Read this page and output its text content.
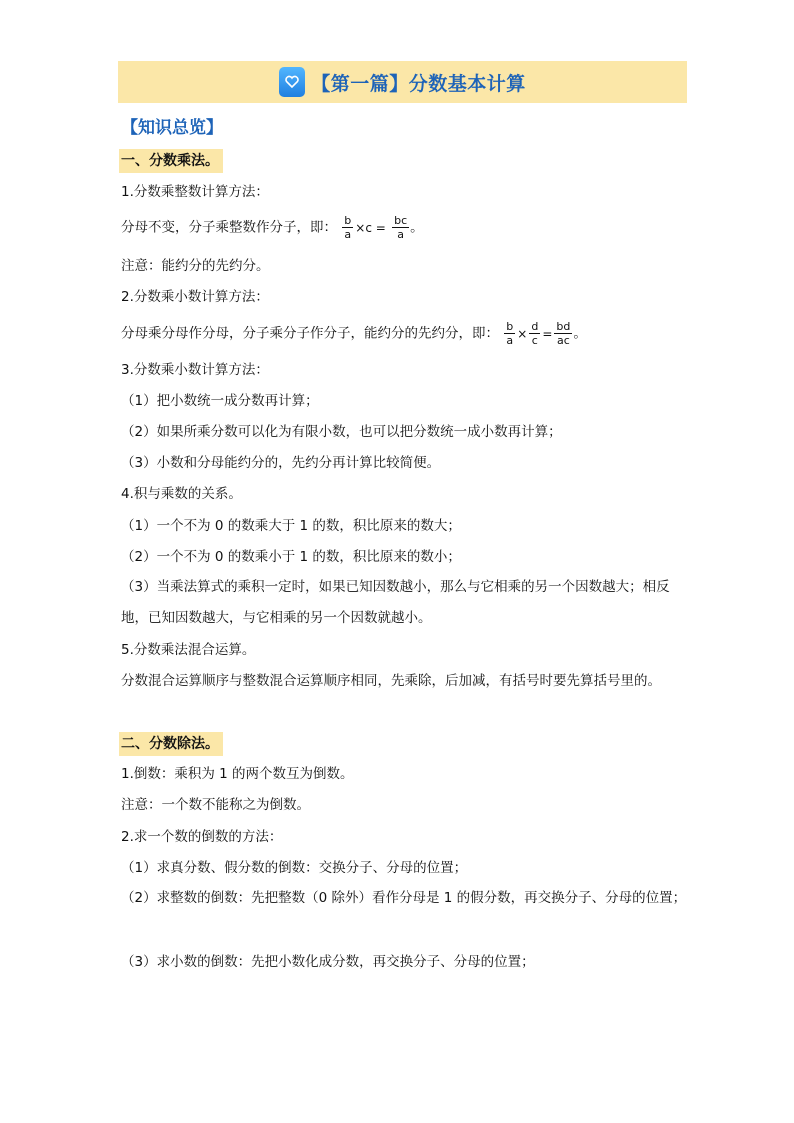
【第一篇】分数基本计算
【知识总览】
一、分数乘法。
1.分数乘整数计算方法：
分母不变，分子乘整数作分子，即： $\frac{b}{a} \times c = \frac{bc}{a}$ 。
注意：能约分的先约分。
2.分数乘小数计算方法：
分母乘分母作分母，分子乘分子作分子，能约分的先约分，即： $\frac{b}{a} \times \frac{d}{c} = \frac{bd}{ac}$ 。
3.分数乘小数计算方法：
（1）把小数统一成分数再计算；
（2）如果所乘分数可以化为有限小数，也可以把分数统一成小数再计算；
（3）小数和分母能约分的，先约分再计算比较简便。
4.积与乘数的关系。
（1）一个不为 0 的数乘大于 1 的数，积比原来的数大；
（2）一个不为 0 的数乘小于 1 的数，积比原来的数小；
（3）当乘法算式的乘积一定时，如果已知因数越小，那么与它相乘的另一个因数越大；相反地，已知因数越大，与它相乘的另一个因数就越小。
5.分数乘法混合运算。
分数混合运算顺序与整数混合运算顺序相同，先乘除，后加减，有括号时要先算括号里的。
二、分数除法。
1.倒数：乘积为 1 的两个数互为倒数。
注意：一个数不能称之为倒数。
2.求一个数的倒数的方法：
（1）求真分数、假分数的倒数：交换分子、分母的位置；
（2）求整数的倒数：先把整数（0 除外）看作分母是 1 的假分数，再交换分子、分母的位置；
（3）求小数的倒数：先把小数化成分数，再交换分子、分母的位置；
